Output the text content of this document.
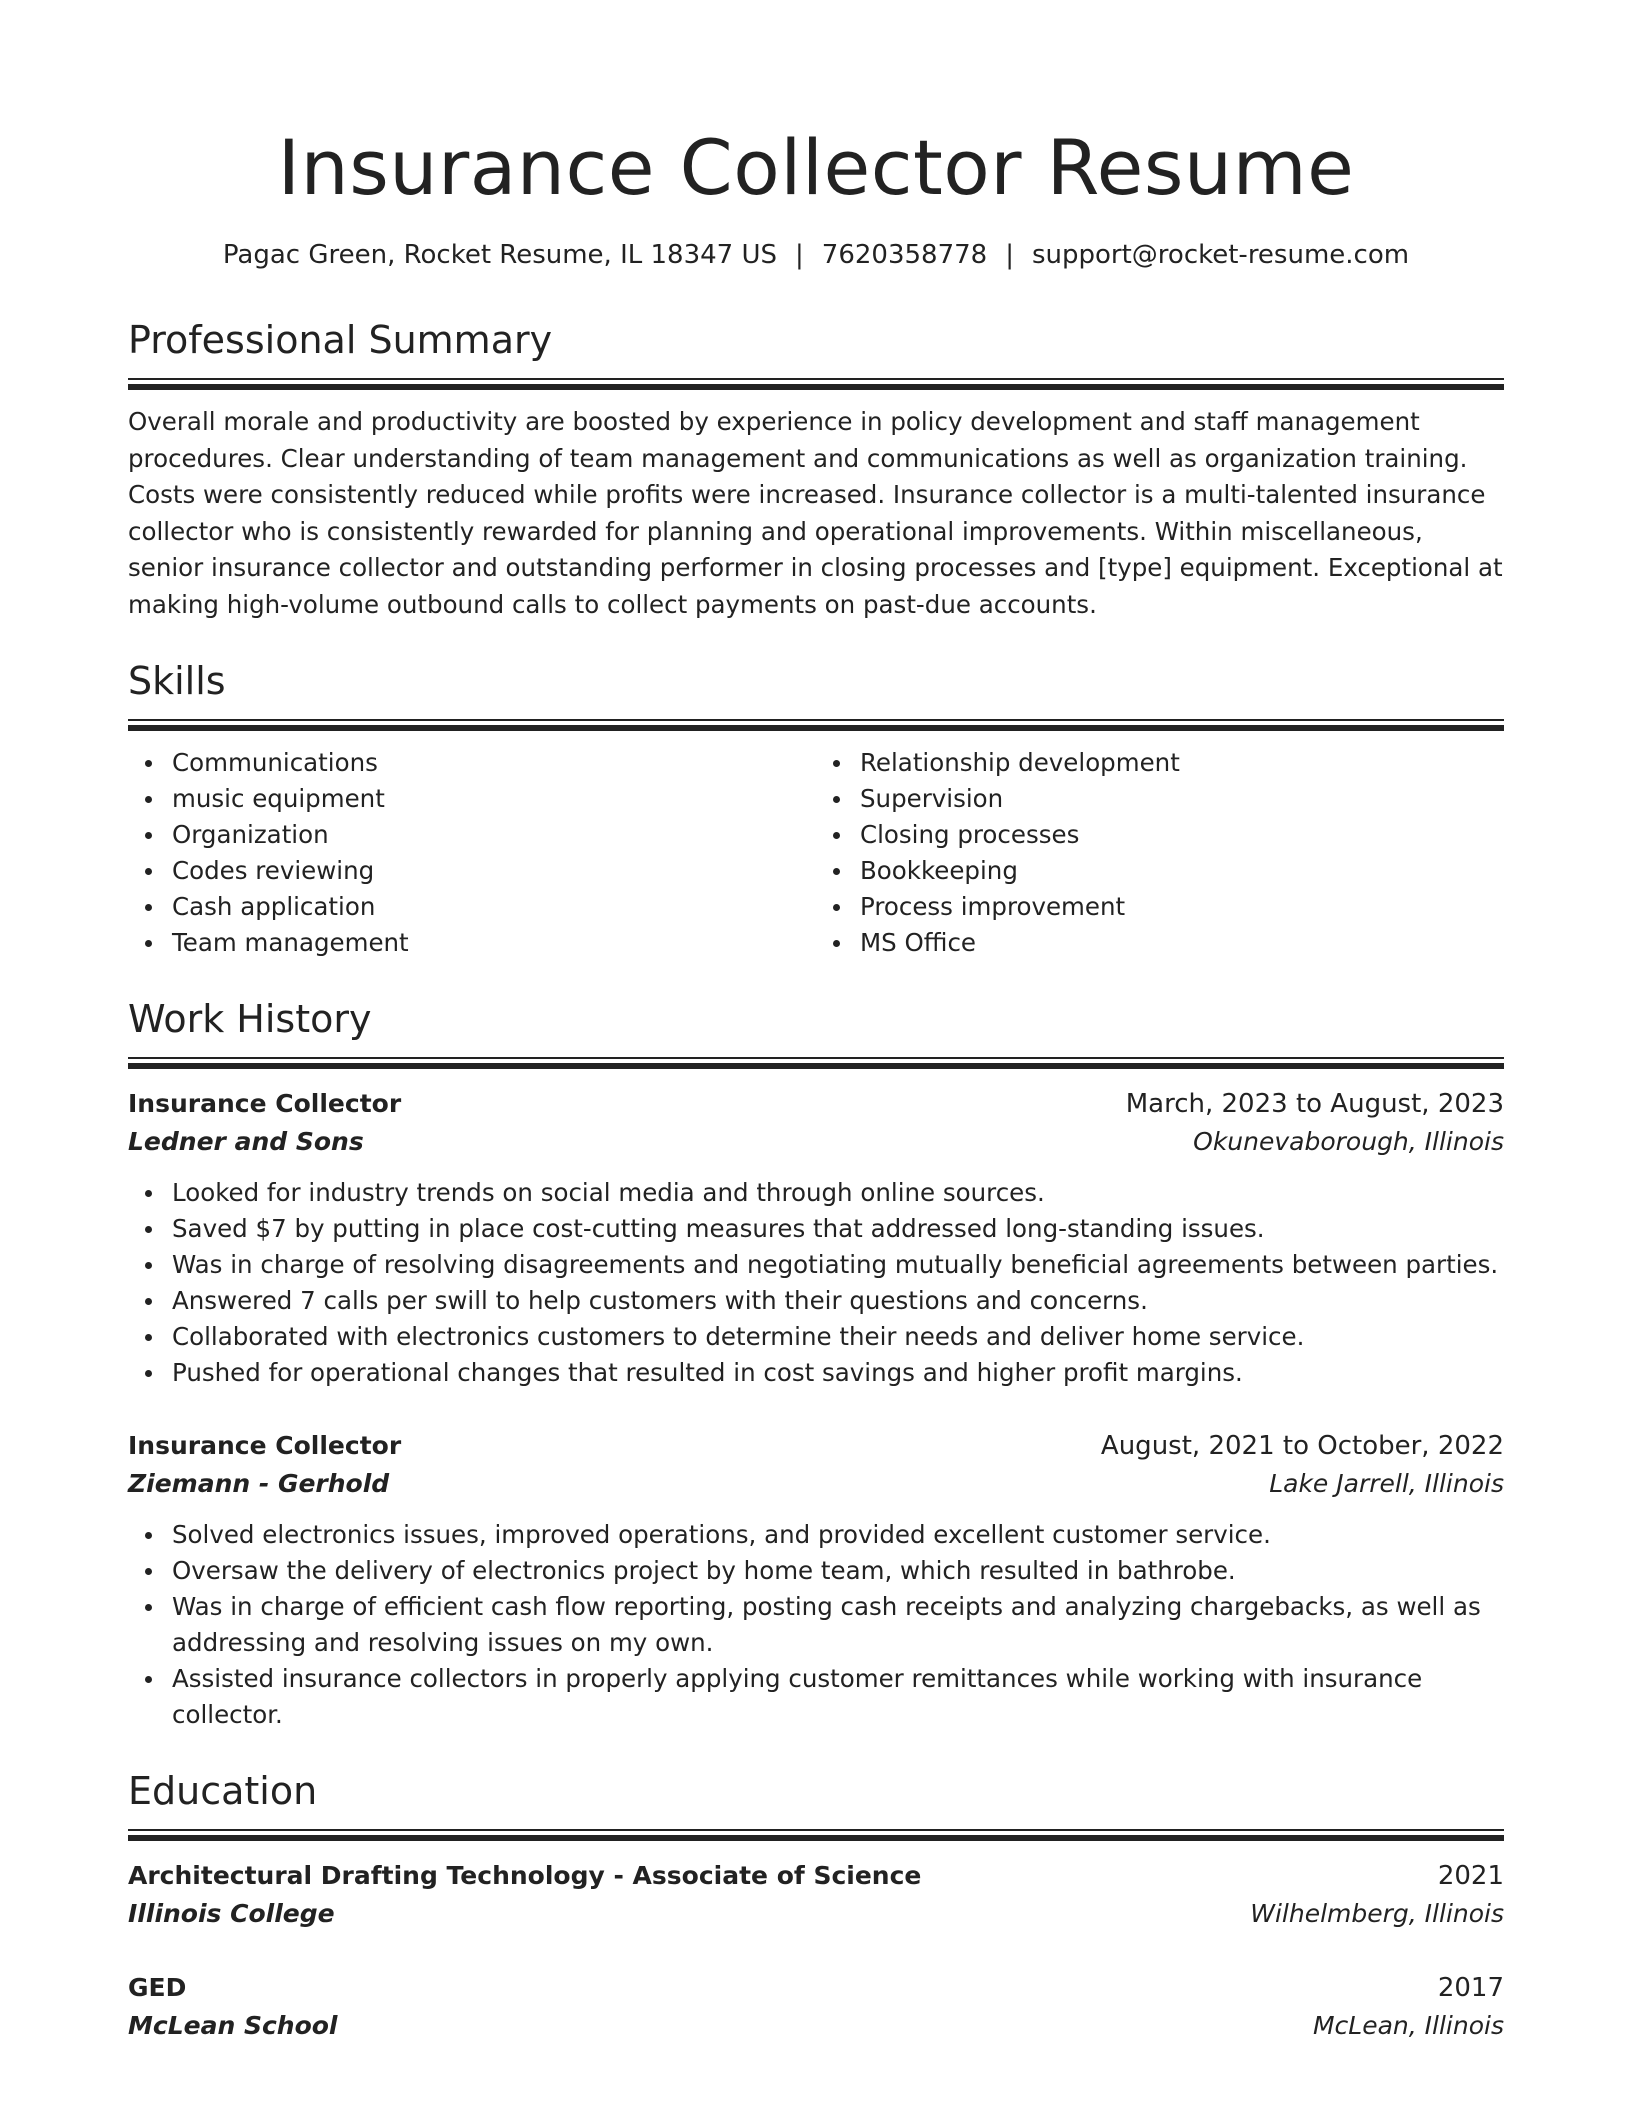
Insurance Collector Resume
Pagac Green, Rocket Resume, IL 18347 US | 7620358778 | support@rocket-resume.com
Professional Summary

Overall morale and productivity are boosted by experience in policy development and staff management procedures. Clear understanding of team management and communications as well as organization training. Costs were consistently reduced while profits were increased. Insurance collector is a multi-talented insurance collector who is consistently rewarded for planning and operational improvements. Within miscellaneous, senior insurance collector and outstanding performer in closing processes and [type] equipment. Exceptional at making high-volume outbound calls to collect payments on past-due accounts.

Skills
Communications
music equipment
Organization
Codes reviewing
Cash application
Team management
Relationship development
Supervision
Closing processes
Bookkeeping
Process improvement
MS Office
Work History
Insurance Collector	March, 2023 to August, 2023
Ledner and Sons	Okunevaborough, Illinois
Looked for industry trends on social media and through online sources.
Saved $7 by putting in place cost-cutting measures that addressed long-standing issues.
Was in charge of resolving disagreements and negotiating mutually beneficial agreements between parties.
Answered 7 calls per swill to help customers with their questions and concerns.
Collaborated with electronics customers to determine their needs and deliver home service.
Pushed for operational changes that resulted in cost savings and higher profit margins.
Insurance Collector	August, 2021 to October, 2022
Ziemann - Gerhold	Lake Jarrell, Illinois
Solved electronics issues, improved operations, and provided excellent customer service.
Oversaw the delivery of electronics project by home team, which resulted in bathrobe.
Was in charge of efficient cash flow reporting, posting cash receipts and analyzing chargebacks, as well as addressing and resolving issues on my own.
Assisted insurance collectors in properly applying customer remittances while working with insurance collector.
Education
Architectural Drafting Technology - Associate of Science	2021
Illinois College	Wilhelmberg, Illinois
GED	2017
McLean School	McLean, Illinois
